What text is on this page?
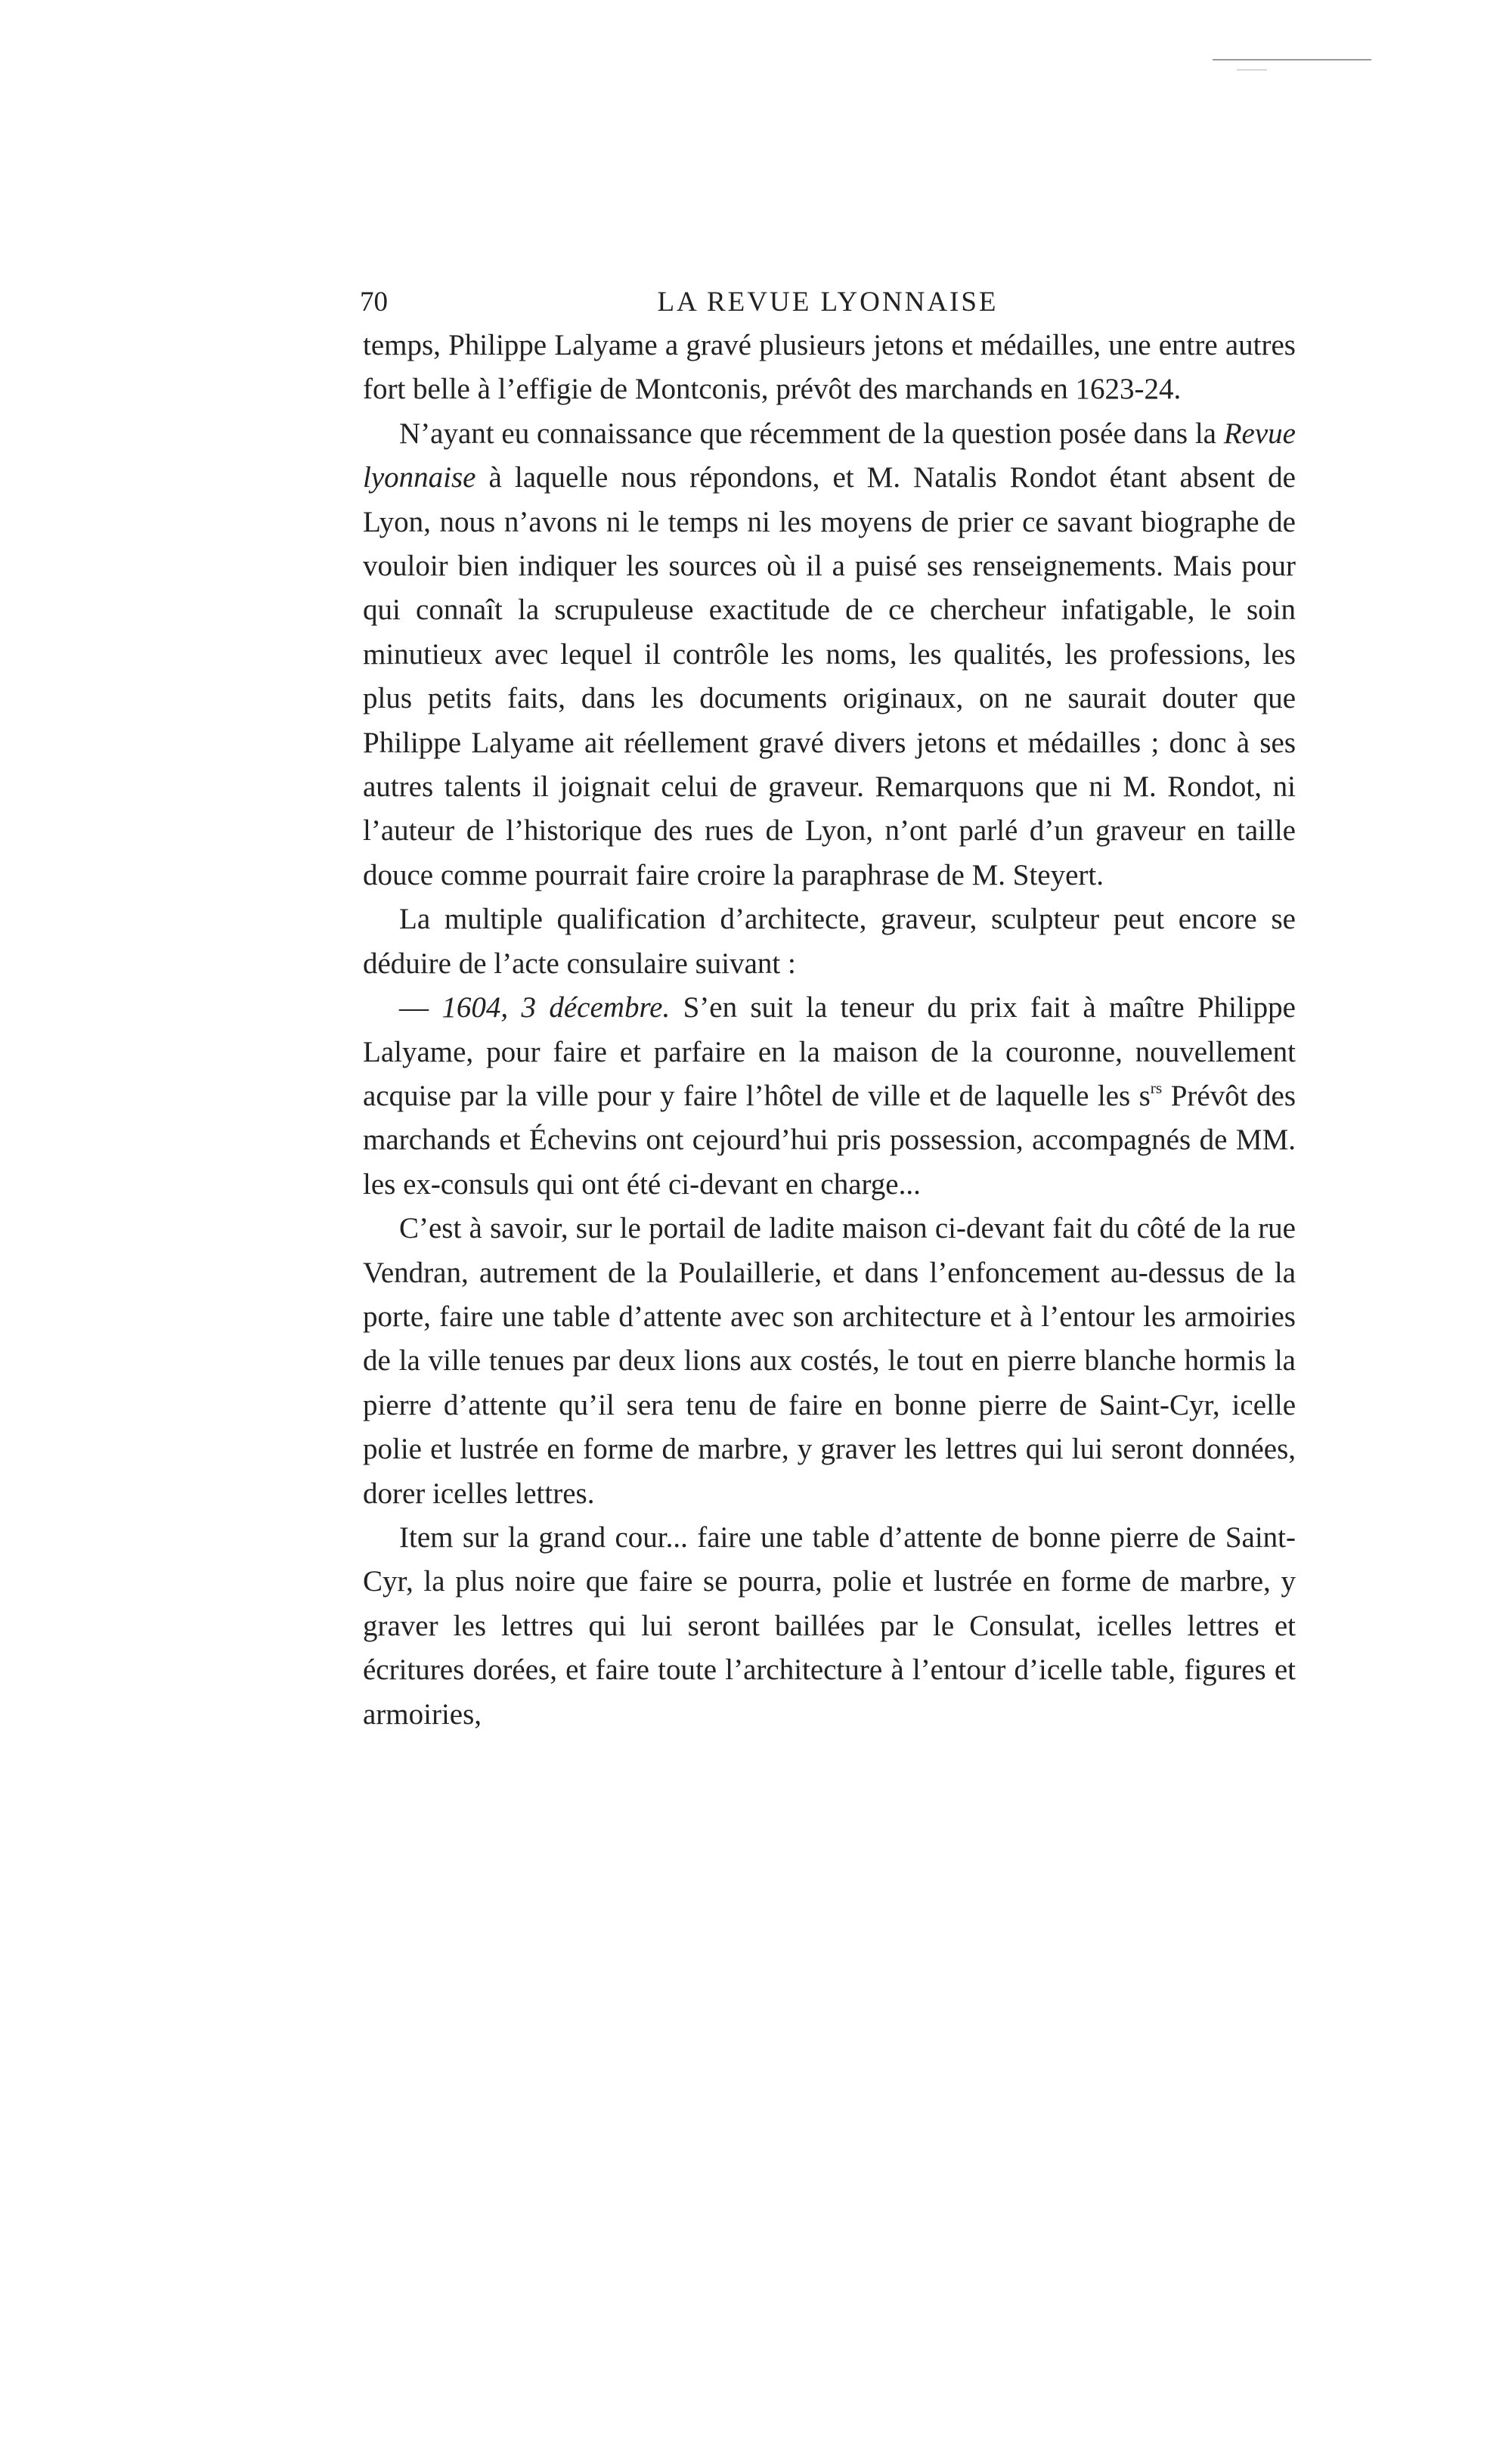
70	LA REVUE LYONNAISE

temps, Philippe Lalyame a gravé plusieurs jetons et médailles, une entre autres fort belle à l’effigie de Montconis, prévôt des marchands en 1623-24.

N’ayant eu connaissance que récemment de la question posée dans la Revue lyonnaise à laquelle nous répondons, et M. Natalis Rondot étant absent de Lyon, nous n’avons ni le temps ni les moyens de prier ce savant biographe de vouloir bien indiquer les sources où il a puisé ses renseignements. Mais pour qui connaît la scrupuleuse exactitude de ce chercheur infatigable, le soin minutieux avec lequel il contrôle les noms, les qualités, les professions, les plus petits faits, dans les documents originaux, on ne saurait douter que Philippe Lalyame ait réellement gravé divers jetons et médailles ; donc à ses autres talents il joignait celui de graveur. Remarquons que ni M. Rondot, ni l’auteur de l’historique des rues de Lyon, n’ont parlé d’un graveur en taille douce comme pourrait faire croire la paraphrase de M. Steyert.

La multiple qualification d’architecte, graveur, sculpteur peut encore se déduire de l’acte consulaire suivant :

— 1604, 3 décembre. S’en suit la teneur du prix fait à maître Philippe Lalyame, pour faire et parfaire en la maison de la couronne, nouvellement acquise par la ville pour y faire l’hôtel de ville et de laquelle les $s^{rs}$ Prévôt des marchands et Échevins ont cejourd’hui pris possession, accompagnés de MM. les ex-consuls qui ont été ci-devant en charge...

C’est à savoir, sur le portail de ladite maison ci-devant fait du côté de la rue Vendran, autrement de la Poulaillerie, et dans l’enfoncement au-dessus de la porte, faire une table d’attente avec son architecture et à l’entour les armoiries de la ville tenues par deux lions aux costés, le tout en pierre blanche hormis la pierre d’attente qu’il sera tenu de faire en bonne pierre de Saint-Cyr, icelle polie et lustrée en forme de marbre, y graver les lettres qui lui seront données, dorer icelles lettres.

Item sur la grand cour... faire une table d’attente de bonne pierre de Saint-Cyr, la plus noire que faire se pourra, polie et lustrée en forme de marbre, y graver les lettres qui lui seront baillées par le Consulat, icelles lettres et écritures dorées, et faire toute l’architecture à l’entour d’icelle table, figures et armoiries,
